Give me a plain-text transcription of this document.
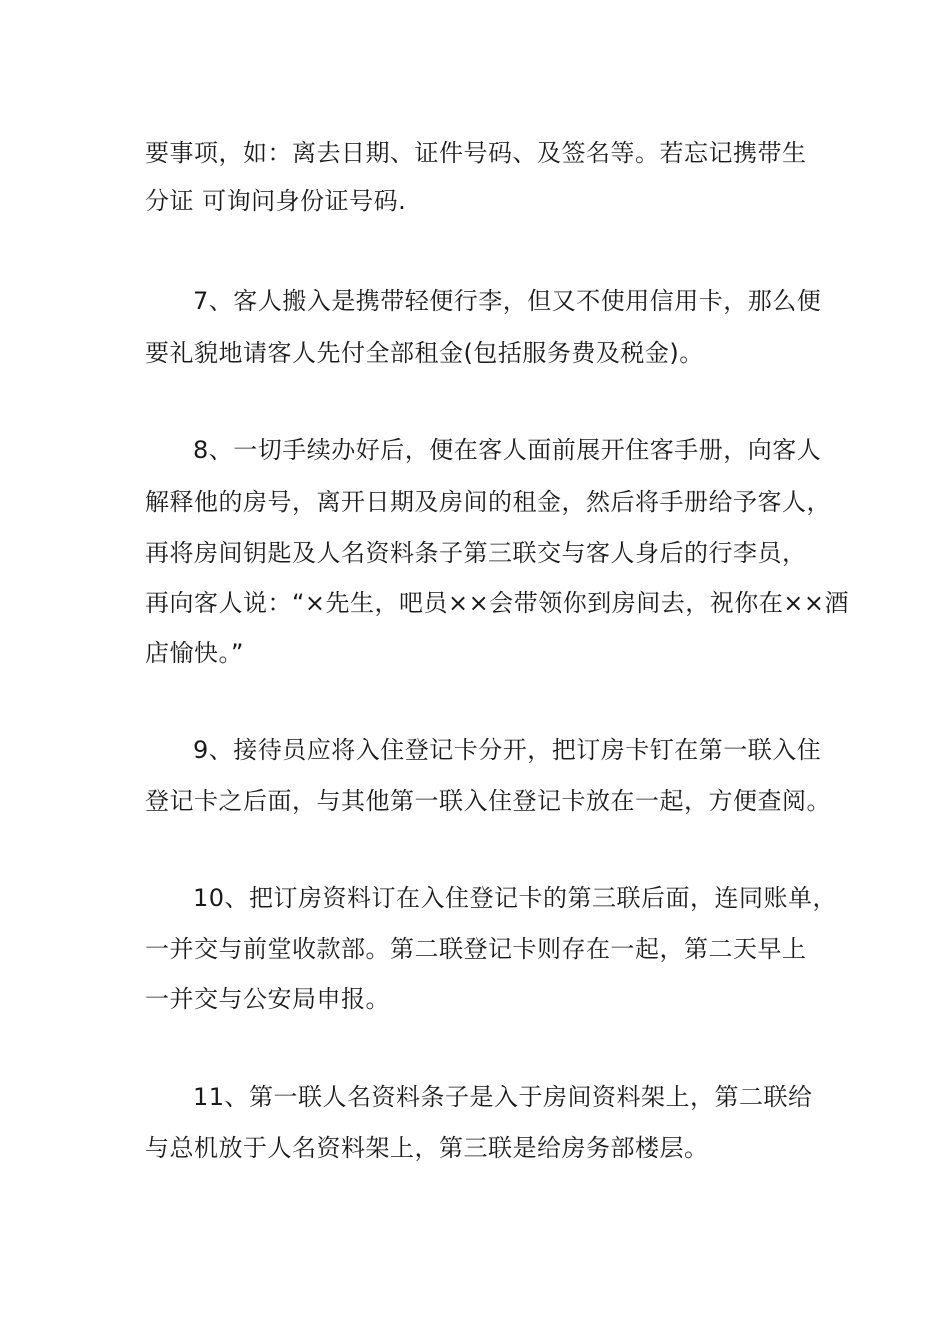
要事项，如：离去日期、证件号码、及签名等。若忘记携带生
分证 可询问身份证号码.
7、客人搬入是携带轻便行李，但又不使用信用卡，那么便
要礼貌地请客人先付全部租金(包括服务费及税金)。
8、一切手续办好后，便在客人面前展开住客手册，向客人
解释他的房号，离开日期及房间的租金，然后将手册给予客人，
再将房间钥匙及人名资料条子第三联交与客人身后的行李员，
再向客人说：“×先生，吧员××会带领你到房间去，祝你在××酒
店愉快。”
9、接待员应将入住登记卡分开，把订房卡钉在第一联入住
登记卡之后面，与其他第一联入住登记卡放在一起，方便查阅。
10、把订房资料订在入住登记卡的第三联后面，连同账单，
一并交与前堂收款部。第二联登记卡则存在一起，第二天早上
一并交与公安局申报。
11、第一联人名资料条子是入于房间资料架上，第二联给
与总机放于人名资料架上，第三联是给房务部楼层。
